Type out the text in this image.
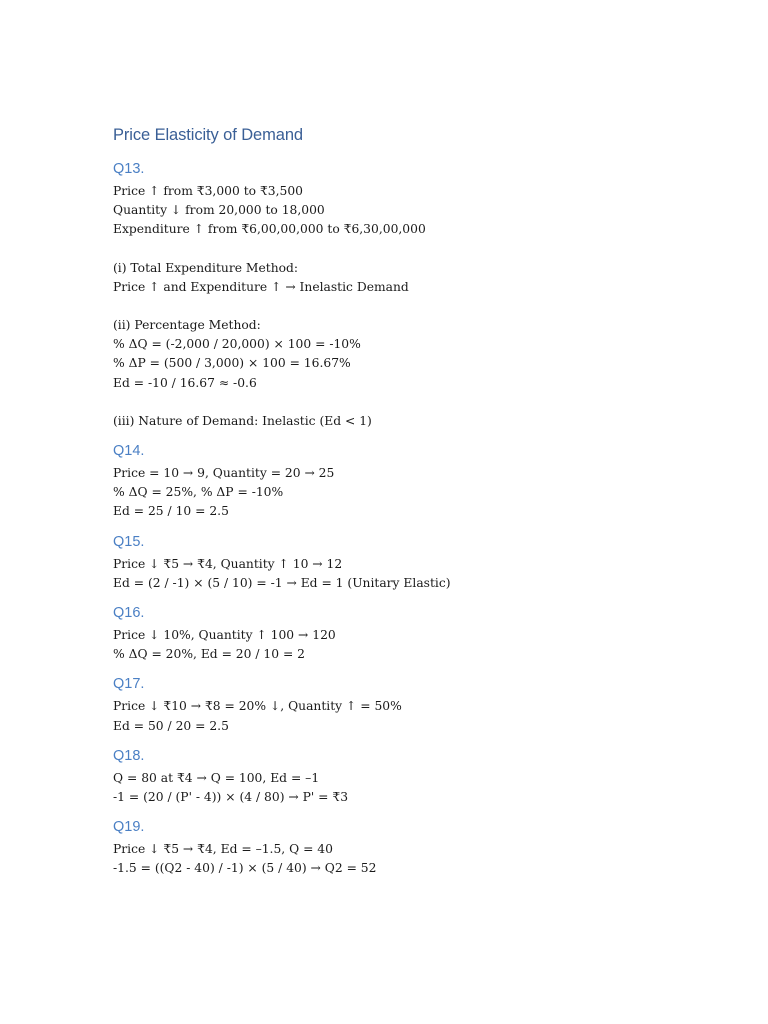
Price Elasticity of Demand
Q13.

Price ↑ from ₹3,000 to ₹3,500

Quantity ↓ from 20,000 to 18,000

Expenditure ↑ from ₹6,00,00,000 to ₹6,30,00,000

(i) Total Expenditure Method:

Price ↑ and Expenditure ↑ → Inelastic Demand

(ii) Percentage Method:

% ΔQ = (-2,000 / 20,000) × 100 = -10%

% ΔP = (500 / 3,000) × 100 = 16.67%

Ed = -10 / 16.67 ≈ -0.6

(iii) Nature of Demand: Inelastic (Ed < 1)

Q14.

Price = 10 → 9, Quantity = 20 → 25

% ΔQ = 25%, % ΔP = -10%

Ed = 25 / 10 = 2.5

Q15.

Price ↓ ₹5 → ₹4, Quantity ↑ 10 → 12

Ed = (2 / -1) × (5 / 10) = -1 → Ed = 1 (Unitary Elastic)

Q16.

Price ↓ 10%, Quantity ↑ 100 → 120

% ΔQ = 20%, Ed = 20 / 10 = 2

Q17.

Price ↓ ₹10 → ₹8 = 20% ↓, Quantity ↑ = 50%

Ed = 50 / 20 = 2.5

Q18.

Q = 80 at ₹4 → Q = 100, Ed = –1

-1 = (20 / (P' - 4)) × (4 / 80) → P' = ₹3

Q19.

Price ↓ ₹5 → ₹4, Ed = –1.5, Q = 40

-1.5 = ((Q2 - 40) / -1) × (5 / 40) → Q2 = 52
